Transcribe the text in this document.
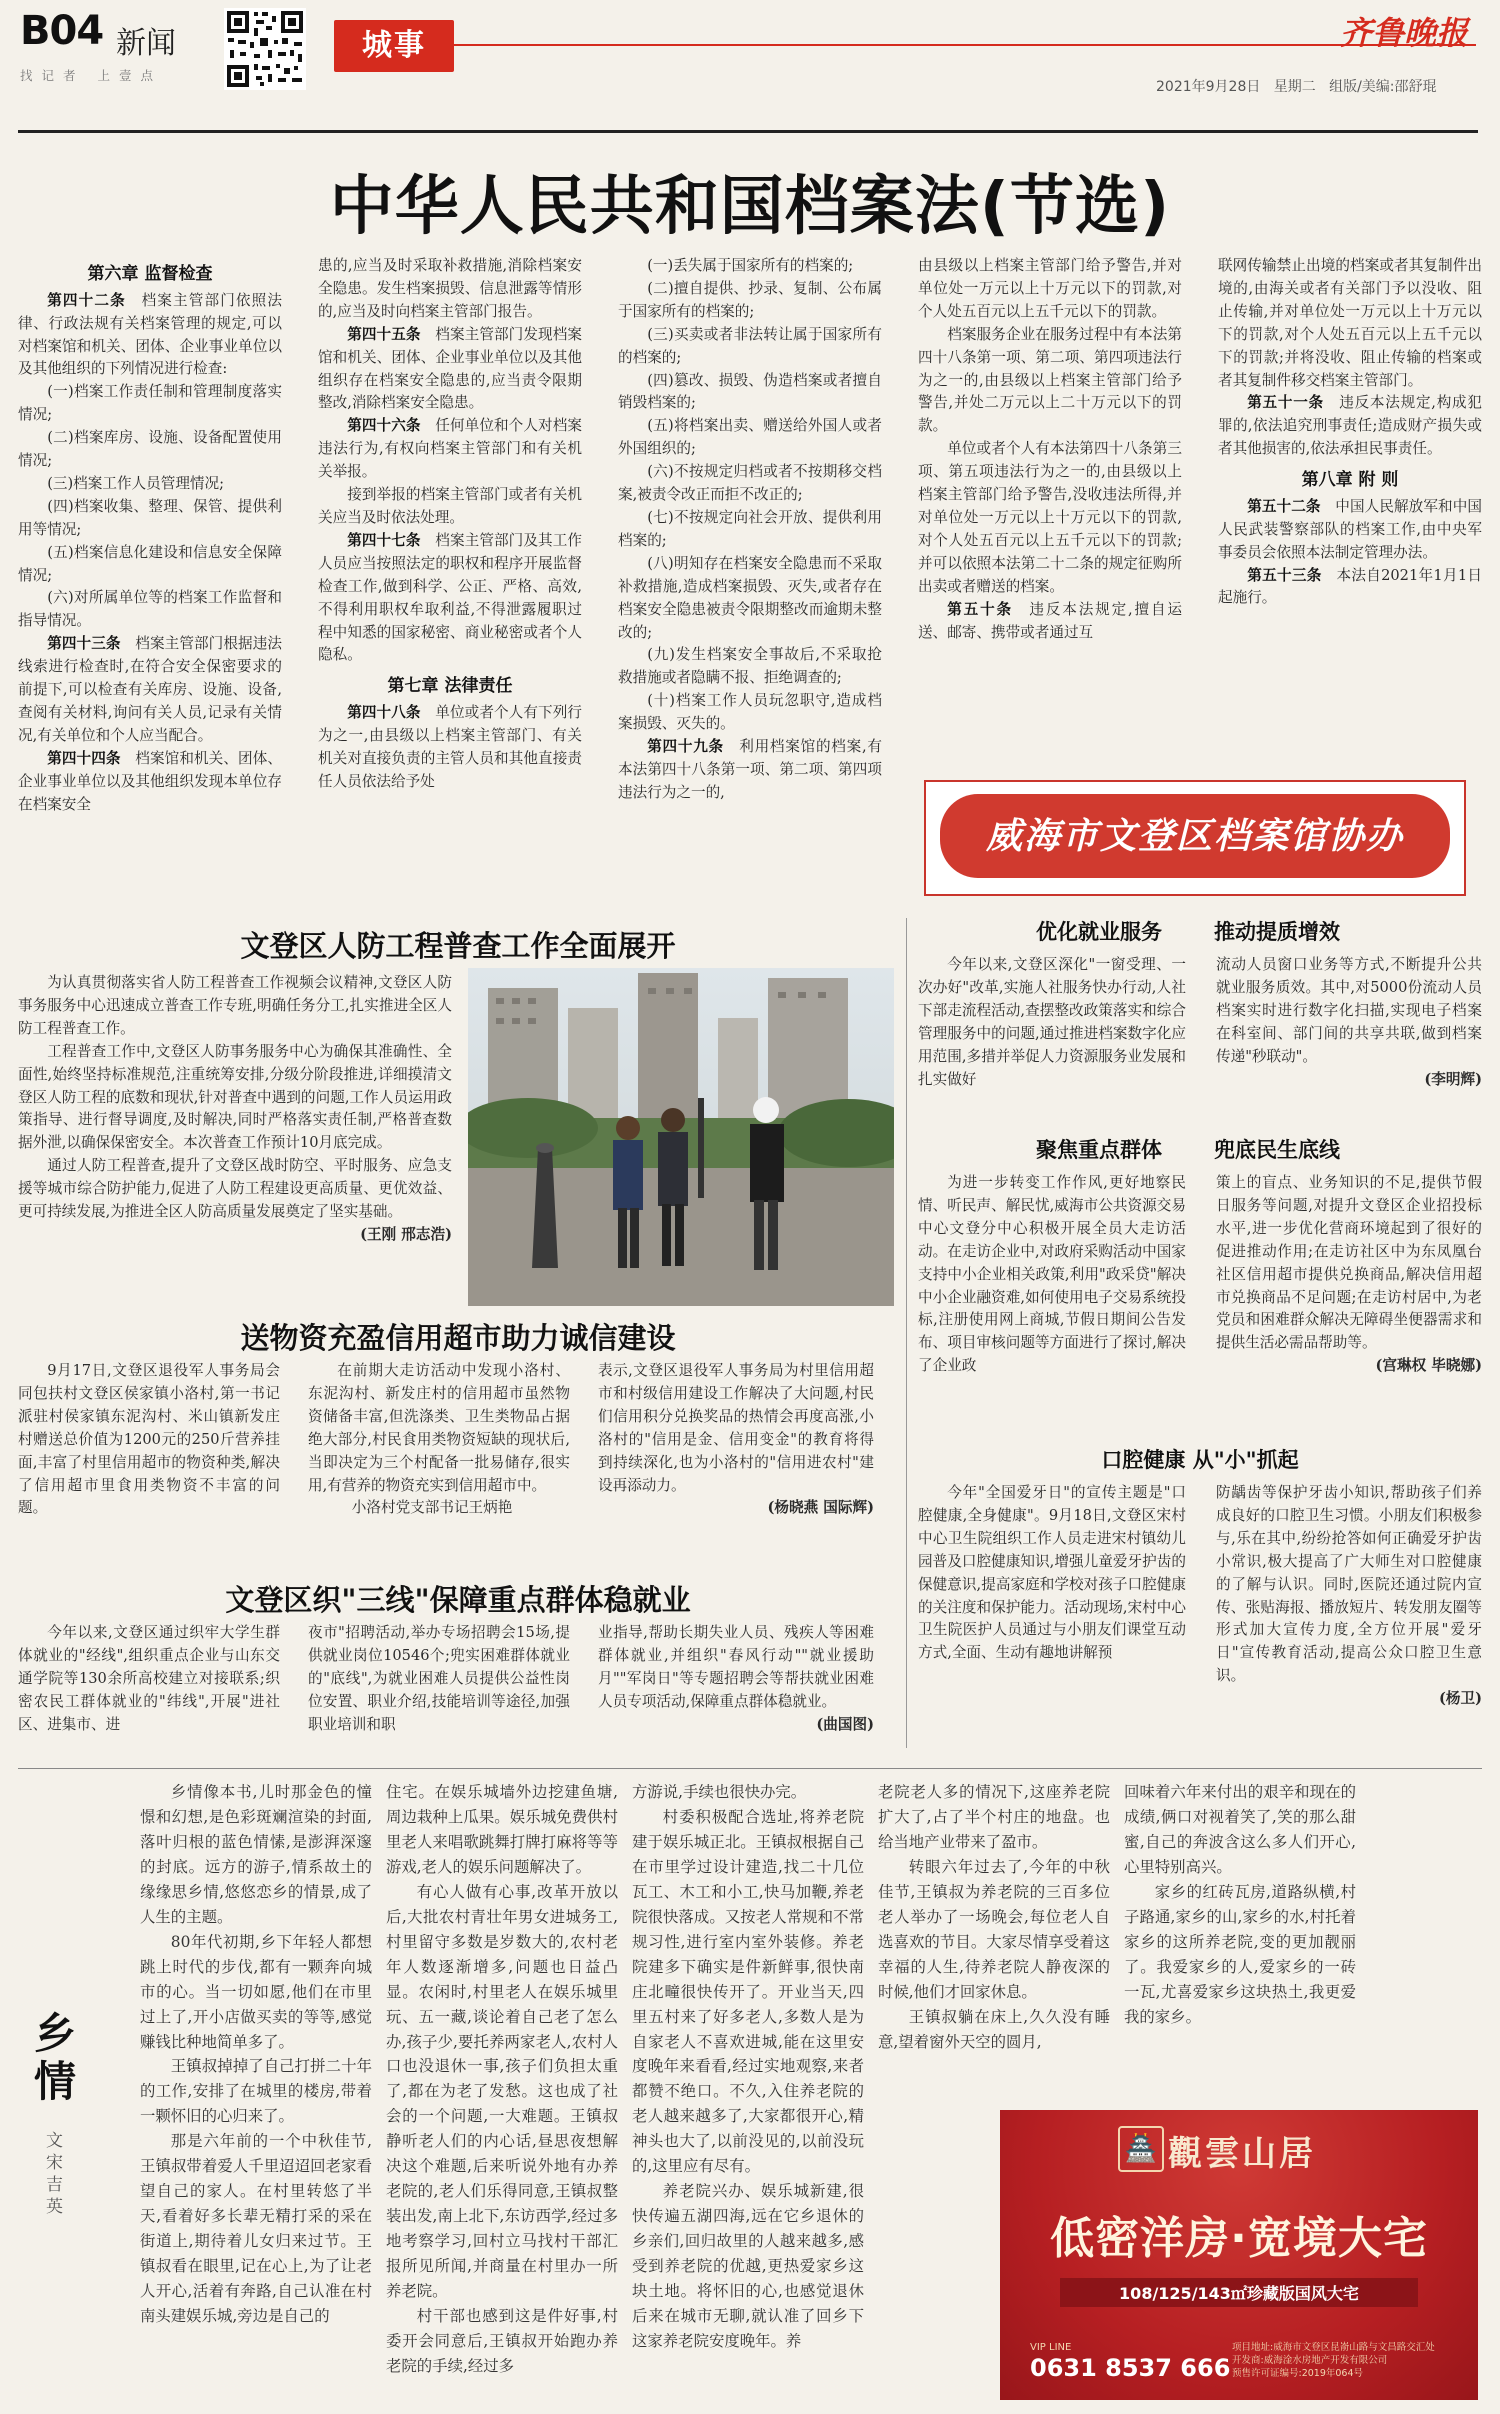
B04 新闻
找记者 上壹点
城事	齐鲁晚报
2021年9月28日 星期二 组版/美编:邵舒琨
中华人民共和国档案法(节选)
第六章 监督检查

第四十二条　 档案主管部门依照法律、行政法规有关档案管理的规定,可以对档案馆和机关、团体、企业事业单位以及其他组织的下列情况进行检查:

(一)档案工作责任制和管理制度落实情况;

(二)档案库房、设施、设备配置使用情况;

(三)档案工作人员管理情况;

(四)档案收集、整理、保管、提供利用等情况;

(五)档案信息化建设和信息安全保障情况;

(六)对所属单位等的档案工作监督和指导情况。

第四十三条　 档案主管部门根据违法线索进行检查时,在符合安全保密要求的前提下,可以检查有关库房、设施、设备,查阅有关材料,询问有关人员,记录有关情况,有关单位和个人应当配合。

第四十四条　 档案馆和机关、团体、企业事业单位以及其他组织发现本单位存在档案安全

患的,应当及时采取补救措施,消除档案安全隐患。发生档案损毁、信息泄露等情形的,应当及时向档案主管部门报告。

第四十五条　 档案主管部门发现档案馆和机关、团体、企业事业单位以及其他组织存在档案安全隐患的,应当责令限期整改,消除档案安全隐患。

第四十六条　 任何单位和个人对档案违法行为,有权向档案主管部门和有关机关举报。

接到举报的档案主管部门或者有关机关应当及时依法处理。

第四十七条　 档案主管部门及其工作人员应当按照法定的职权和程序开展监督检查工作,做到科学、公正、严格、高效,不得利用职权牟取利益,不得泄露履职过程中知悉的国家秘密、商业秘密或者个人隐私。

第七章 法律责任

第四十八条　 单位或者个人有下列行为之一,由县级以上档案主管部门、有关机关对直接负责的主管人员和其他直接责任人员依法给予处

(一)丢失属于国家所有的档案的;

(二)擅自提供、抄录、复制、公布属于国家所有的档案的;

(三)买卖或者非法转让属于国家所有的档案的;

(四)篡改、损毁、伪造档案或者擅自销毁档案的;

(五)将档案出卖、赠送给外国人或者外国组织的;

(六)不按规定归档或者不按期移交档案,被责令改正而拒不改正的;

(七)不按规定向社会开放、提供利用档案的;

(八)明知存在档案安全隐患而不采取补救措施,造成档案损毁、灭失,或者存在档案安全隐患被责令限期整改而逾期未整改的;

(九)发生档案安全事故后,不采取抢救措施或者隐瞒不报、拒绝调查的;

(十)档案工作人员玩忽职守,造成档案损毁、灭失的。

第四十九条　 利用档案馆的档案,有本法第四十八条第一项、第二项、第四项违法行为之一的,

由县级以上档案主管部门给予警告,并对单位处一万元以上十万元以下的罚款,对个人处五百元以上五千元以下的罚款。

档案服务企业在服务过程中有本法第四十八条第一项、第二项、第四项违法行为之一的,由县级以上档案主管部门给予警告,并处二万元以上二十万元以下的罚款。

单位或者个人有本法第四十八条第三项、第五项违法行为之一的,由县级以上档案主管部门给予警告,没收违法所得,并对单位处一万元以上十万元以下的罚款,对个人处五百元以上五千元以下的罚款;并可以依照本法第二十二条的规定征购所出卖或者赠送的档案。

第五十条　 违反本法规定,擅自运送、邮寄、携带或者通过互

联网传输禁止出境的档案或者其复制件出境的,由海关或者有关部门予以没收、阻止传输,并对单位处一万元以上十万元以下的罚款,对个人处五百元以上五千元以下的罚款;并将没收、阻止传输的档案或者其复制件移交档案主管部门。

第五十一条　 违反本法规定,构成犯罪的,依法追究刑事责任;造成财产损失或者其他损害的,依法承担民事责任。

第八章 附 则

第五十二条　 中国人民解放军和中国人民武装警察部队的档案工作,由中央军事委员会依照本法制定管理办法。

第五十三条　 本法自2021年1月1日起施行。

威海市文登区档案馆协办
文登区人防工程普查工作全面展开

为认真贯彻落实省人防工程普查工作视频会议精神,文登区人防事务服务中心迅速成立普查工作专班,明确任务分工,扎实推进全区人防工程普查工作。

工程普查工作中,文登区人防事务服务中心为确保其准确性、全面性,始终坚持标准规范,注重统筹安排,分级分阶段推进,详细摸清文登区人防工程的底数和现状,针对普查中遇到的问题,工作人员运用政策指导、进行督导调度,及时解决,同时严格落实责任制,严格普查数据外泄,以确保保密安全。本次普查工作预计10月底完成。

通过人防工程普查,提升了文登区战时防空、平时服务、应急支援等城市综合防护能力,促进了人防工程建设更高质量、更优效益、更可持续发展,为推进全区人防高质量发展奠定了坚实基础。

(王刚 邢志浩)
送物资充盈信用超市助力诚信建设

9月17日,文登区退役军人事务局会同包扶村文登区侯家镇小洛村,第一书记派驻村侯家镇东泥沟村、米山镇新发庄村赠送总价值为1200元的250斤营养挂面,丰富了村里信用超市的物资种类,解决了信用超市里食用类物资不丰富的问题。

在前期大走访活动中发现小洛村、东泥沟村、新发庄村的信用超市虽然物资储备丰富,但洗涤类、卫生类物品占据绝大部分,村民食用类物资短缺的现状后,当即决定为三个村配备一批易储存,很实用,有营养的物资充实到信用超市中。

小洛村党支部书记王炳艳

表示,文登区退役军人事务局为村里信用超市和村级信用建设工作解决了大问题,村民们信用积分兑换奖品的热情会再度高涨,小洛村的"信用是金、信用变金"的教育将得到持续深化,也为小洛村的"信用进农村"建设再添动力。

(杨晓燕 国际辉)
文登区织"三线"保障重点群体稳就业

今年以来,文登区通过织牢大学生群体就业的"经线",组织重点企业与山东交通学院等130余所高校建立对接联系;织密农民工群体就业的"纬线",开展"进社区、进集市、进

夜市"招聘活动,举办专场招聘会15场,提供就业岗位10546个;兜实困难群体就业的"底线",为就业困难人员提供公益性岗位安置、职业介绍,技能培训等途径,加强职业培训和职

业指导,帮助长期失业人员、残疾人等困难群体就业,并组织"春风行动""就业援助月""军岗日"等专题招聘会等帮扶就业困难人员专项活动,保障重点群体稳就业。

(曲国图)
优化就业服务 推动提质增效

今年以来,文登区深化"一窗受理、一次办好"改革,实施人社服务快办行动,人社下部走流程活动,查摆整改政策落实和综合管理服务中的问题,通过推进档案数字化应用范围,多措并举促人力资源服务业发展和扎实做好

流动人员窗口业务等方式,不断提升公共就业服务质效。其中,对5000份流动人员档案实时进行数字化扫描,实现电子档案在科室间、部门间的共享共联,做到档案传递"秒联动"。

(李明辉)
聚焦重点群体 兜底民生底线

为进一步转变工作作风,更好地察民情、听民声、解民忧,威海市公共资源交易中心文登分中心积极开展全员大走访活动。在走访企业中,对政府采购活动中国家支持中小企业相关政策,利用"政采贷"解决中小企业融资难,如何使用电子交易系统投标,注册使用网上商城,节假日期间公告发布、项目审核问题等方面进行了探讨,解决了企业政

策上的盲点、业务知识的不足,提供节假日服务等问题,对提升文登区企业招投标水平,进一步优化营商环境起到了很好的促进推动作用;在走访社区中为东凤凰台社区信用超市提供兑换商品,解决信用超市兑换商品不足问题;在走访村居中,为老党员和困难群众解决无障碍坐便器需求和提供生活必需品帮助等。

(宫琳权 毕晓娜)
口腔健康 从"小"抓起

今年"全国爱牙日"的宣传主题是"口腔健康,全身健康"。9月18日,文登区宋村中心卫生院组织工作人员走进宋村镇幼儿园普及口腔健康知识,增强儿童爱牙护齿的保健意识,提高家庭和学校对孩子口腔健康的关注度和保护能力。活动现场,宋村中心卫生院医护人员通过与小朋友们课堂互动方式,全面、生动有趣地讲解预

防龋齿等保护牙齿小知识,帮助孩子们养成良好的口腔卫生习惯。小朋友们积极参与,乐在其中,纷纷抢答如何正确爱牙护齿小常识,极大提高了广大师生对口腔健康的了解与认识。同时,医院还通过院内宣传、张贴海报、播放短片、转发朋友圈等形式加大宣传力度,全方位开展"爱牙日"宣传教育活动,提高公众口腔卫生意识。

(杨卫)
乡情
文 宋吉英

乡情像本书,儿时那金色的憧憬和幻想,是色彩斑斓渲染的封面,落叶归根的蓝色情愫,是澎湃深邃的封底。远方的游子,情系故土的缘缘思乡情,悠悠恋乡的情景,成了人生的主题。

80年代初期,乡下年轻人都想跳上时代的步伐,都有一颗奔向城市的心。当一切如愿,他们在市里过上了,开小店做买卖的等等,感觉赚钱比种地简单多了。

王镇叔掉掉了自己打拼二十年的工作,安排了在城里的楼房,带着一颗怀旧的心归来了。

那是六年前的一个中秋佳节,王镇叔带着爱人千里迢迢回老家看望自己的家人。在村里转悠了半天,看着好多长辈无精打采的采在街道上,期待着儿女归来过节。王镇叔看在眼里,记在心上,为了让老人开心,活着有奔路,自己认准在村南头建娱乐城,旁边是自己的

住宅。在娱乐城墙外边挖建鱼塘,周边栽种上瓜果。娱乐城免费供村里老人来唱歌跳舞打牌打麻将等等游戏,老人的娱乐问题解决了。

有心人做有心事,改革开放以后,大批农村青壮年男女进城务工,村里留守多数是岁数大的,农村老年人数逐渐增多,问题也日益凸显。农闲时,村里老人在娱乐城里玩、五一藏,谈论着自己老了怎么办,孩子少,要托养两家老人,农村人口也没退休一事,孩子们负担太重了,都在为老了发愁。这也成了社会的一个问题,一大难题。王镇叔静听老人们的内心话,昼思夜想解决这个难题,后来听说外地有办养老院的,老人们乐得同意,王镇叔整装出发,南上北下,东访西学,经过多地考察学习,回村立马找村干部汇报所见所闻,并商量在村里办一所养老院。

村干部也感到这是件好事,村委开会同意后,王镇叔开始跑办养老院的手续,经过多

方游说,手续也很快办完。

村委积极配合选址,将养老院建于娱乐城正北。王镇叔根据自己在市里学过设计建造,找二十几位瓦工、木工和小工,快马加鞭,养老院很快落成。又按老人常规和不常规习性,进行室内室外装修。养老院建多下确实是件新鲜事,很快南庄北疃很快传开了。开业当天,四里五村来了好多老人,多数人是为自家老人不喜欢进城,能在这里安度晚年来看看,经过实地观察,来者都赞不绝口。不久,入住养老院的老人越来越多了,大家都很开心,精神头也大了,以前没见的,以前没玩的,这里应有尽有。

养老院兴办、娱乐城新建,很快传遍五湖四海,远在它乡退休的乡亲们,回归故里的人越来越多,感受到养老院的优越,更热爱家乡这块土地。将怀旧的心,也感觉退休后来在城市无聊,就认准了回乡下这家养老院安度晚年。养

老院老人多的情况下,这座养老院扩大了,占了半个村庄的地盘。也给当地产业带来了盈市。

转眼六年过去了,今年的中秋佳节,王镇叔为养老院的三百多位老人举办了一场晚会,每位老人自选喜欢的节目。大家尽情享受着这幸福的人生,待养老院人静夜深的时候,他们才回家休息。

王镇叔躺在床上,久久没有睡意,望着窗外天空的圆月,

回味着六年来付出的艰辛和现在的成绩,俩口对视着笑了,笑的那么甜蜜,自己的奔波含这么多人们开心,心里特别高兴。

家乡的红砖瓦房,道路纵横,村子路通,家乡的山,家乡的水,村托着家乡的这所养老院,变的更加靓丽了。我爱家乡的人,爱家乡的一砖一瓦,尤喜爱家乡这块热土,我更爱我的家乡。

🏯 觀雲山居
低密洋房·宽境大宅
108/125/143㎡珍藏版国风大宅
VIP LINE
0631 8537 666
项目地址:威海市文登区昆嵛山路与文昌路交汇处
开发商:威海淦水房地产开发有限公司
预售许可证编号:2019年064号
